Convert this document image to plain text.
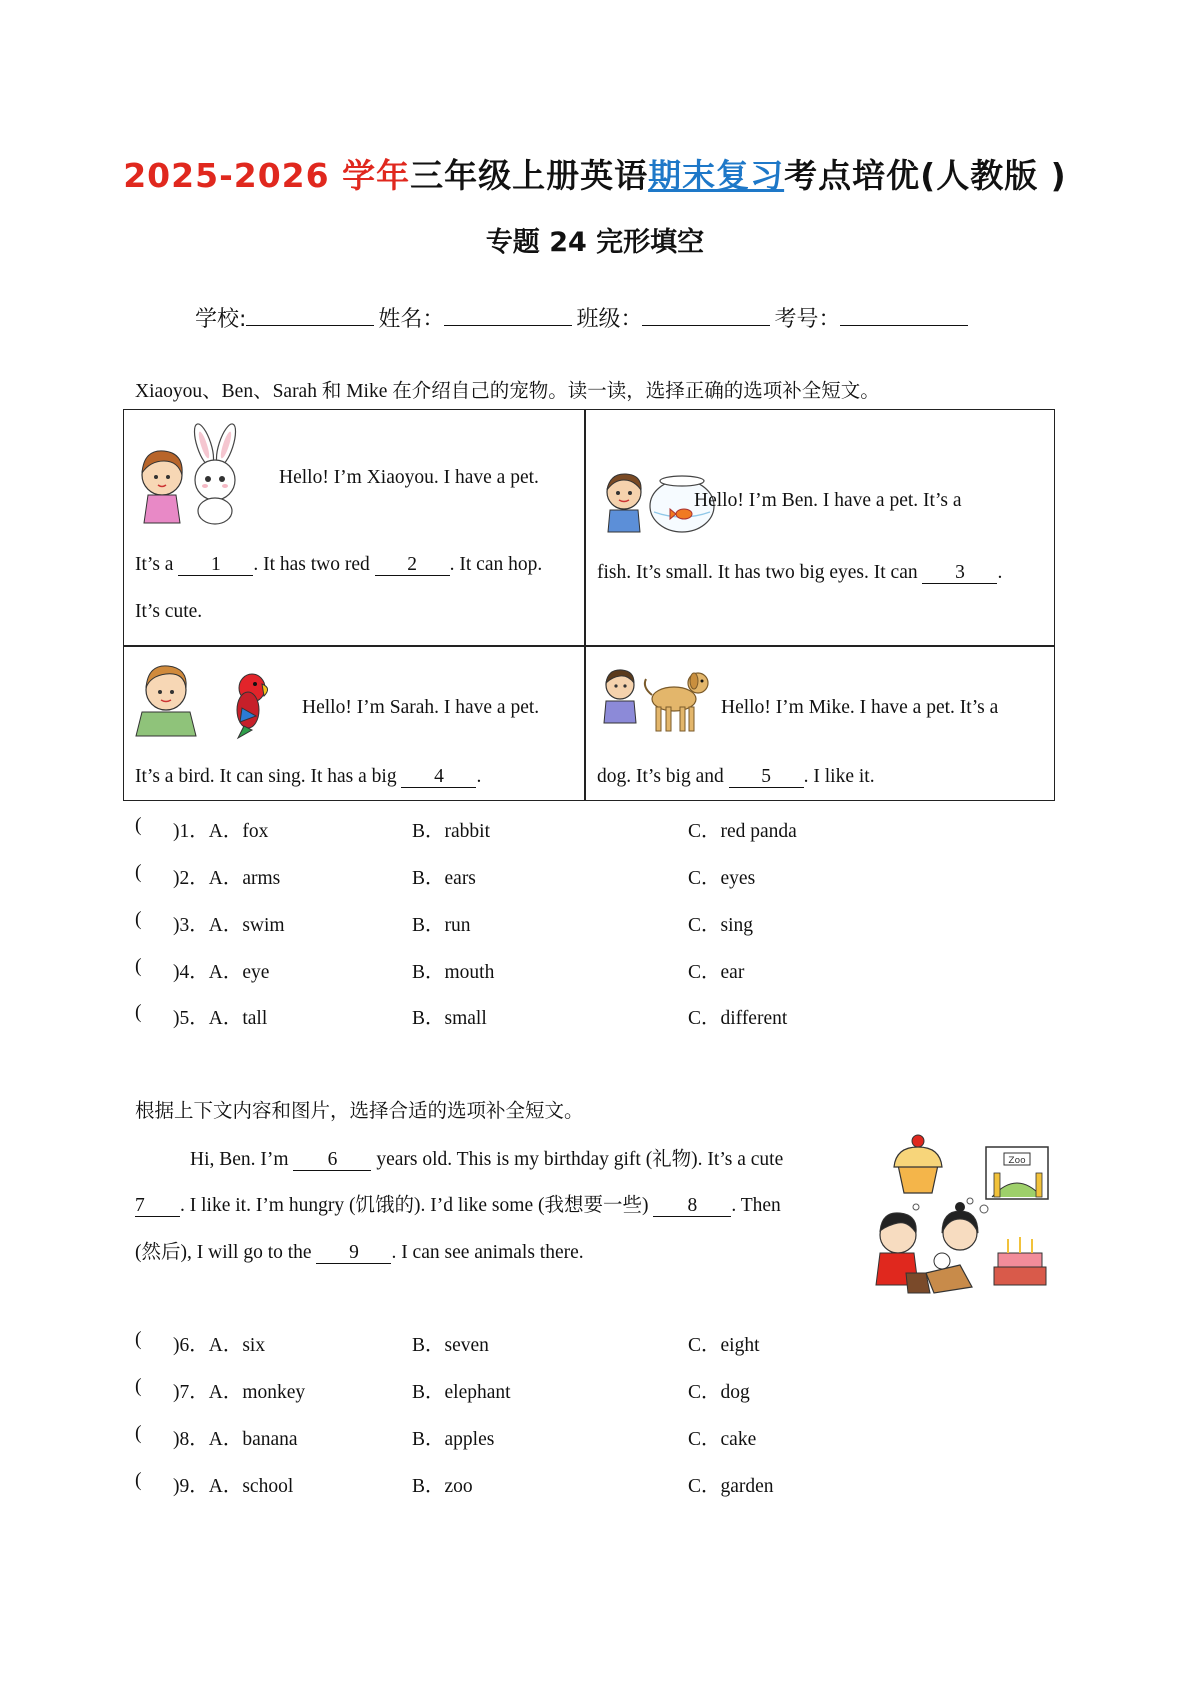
2025-2026 学年三年级上册英语期末复习考点培优(人教版 )
专题 24 完形填空
学校:	姓名：	班级：	考号：
Xiaoyou、Ben、Sarah 和 Mike 在介绍自己的宠物。读一读，选择正确的选项补全短文。
Hello! I’m Xiaoyou. I have a pet.
It’s a 1 . It has two red 2 . It can hop.
It’s cute.
Hello! I’m Ben. I have a pet. It’s a
fish. It’s small. It has two big eyes. It can 3 .
Hello! I’m Sarah. I have a pet.
It’s a bird. It can sing. It has a big 4 .
Hello! I’m Mike. I have a pet. It’s a
dog. It’s big and 5 . I like it.
( )1．A．fox	B．rabbit	C．red panda
( )2．A．arms	B．ears	C．eyes
( )3．A．swim	B．run	C．sing
( )4．A．eye	B．mouth	C．ear
( )5．A．tall	B．small	C．different
根据上下文内容和图片，选择合适的选项补全短文。
Hi, Ben. I’m 6 years old. This is my birthday gift (礼物). It’s a cute
7 . I like it. I’m hungry (饥饿的). I’d like some (我想要一些) 8 . Then
(然后), I will go to the 9 . I can see animals there.
Zoo
( )6．A．six	B．seven	C．eight
( )7．A．monkey	B．elephant	C．dog
( )8．A．banana	B．apples	C．cake
( )9．A．school	B．zoo	C．garden
